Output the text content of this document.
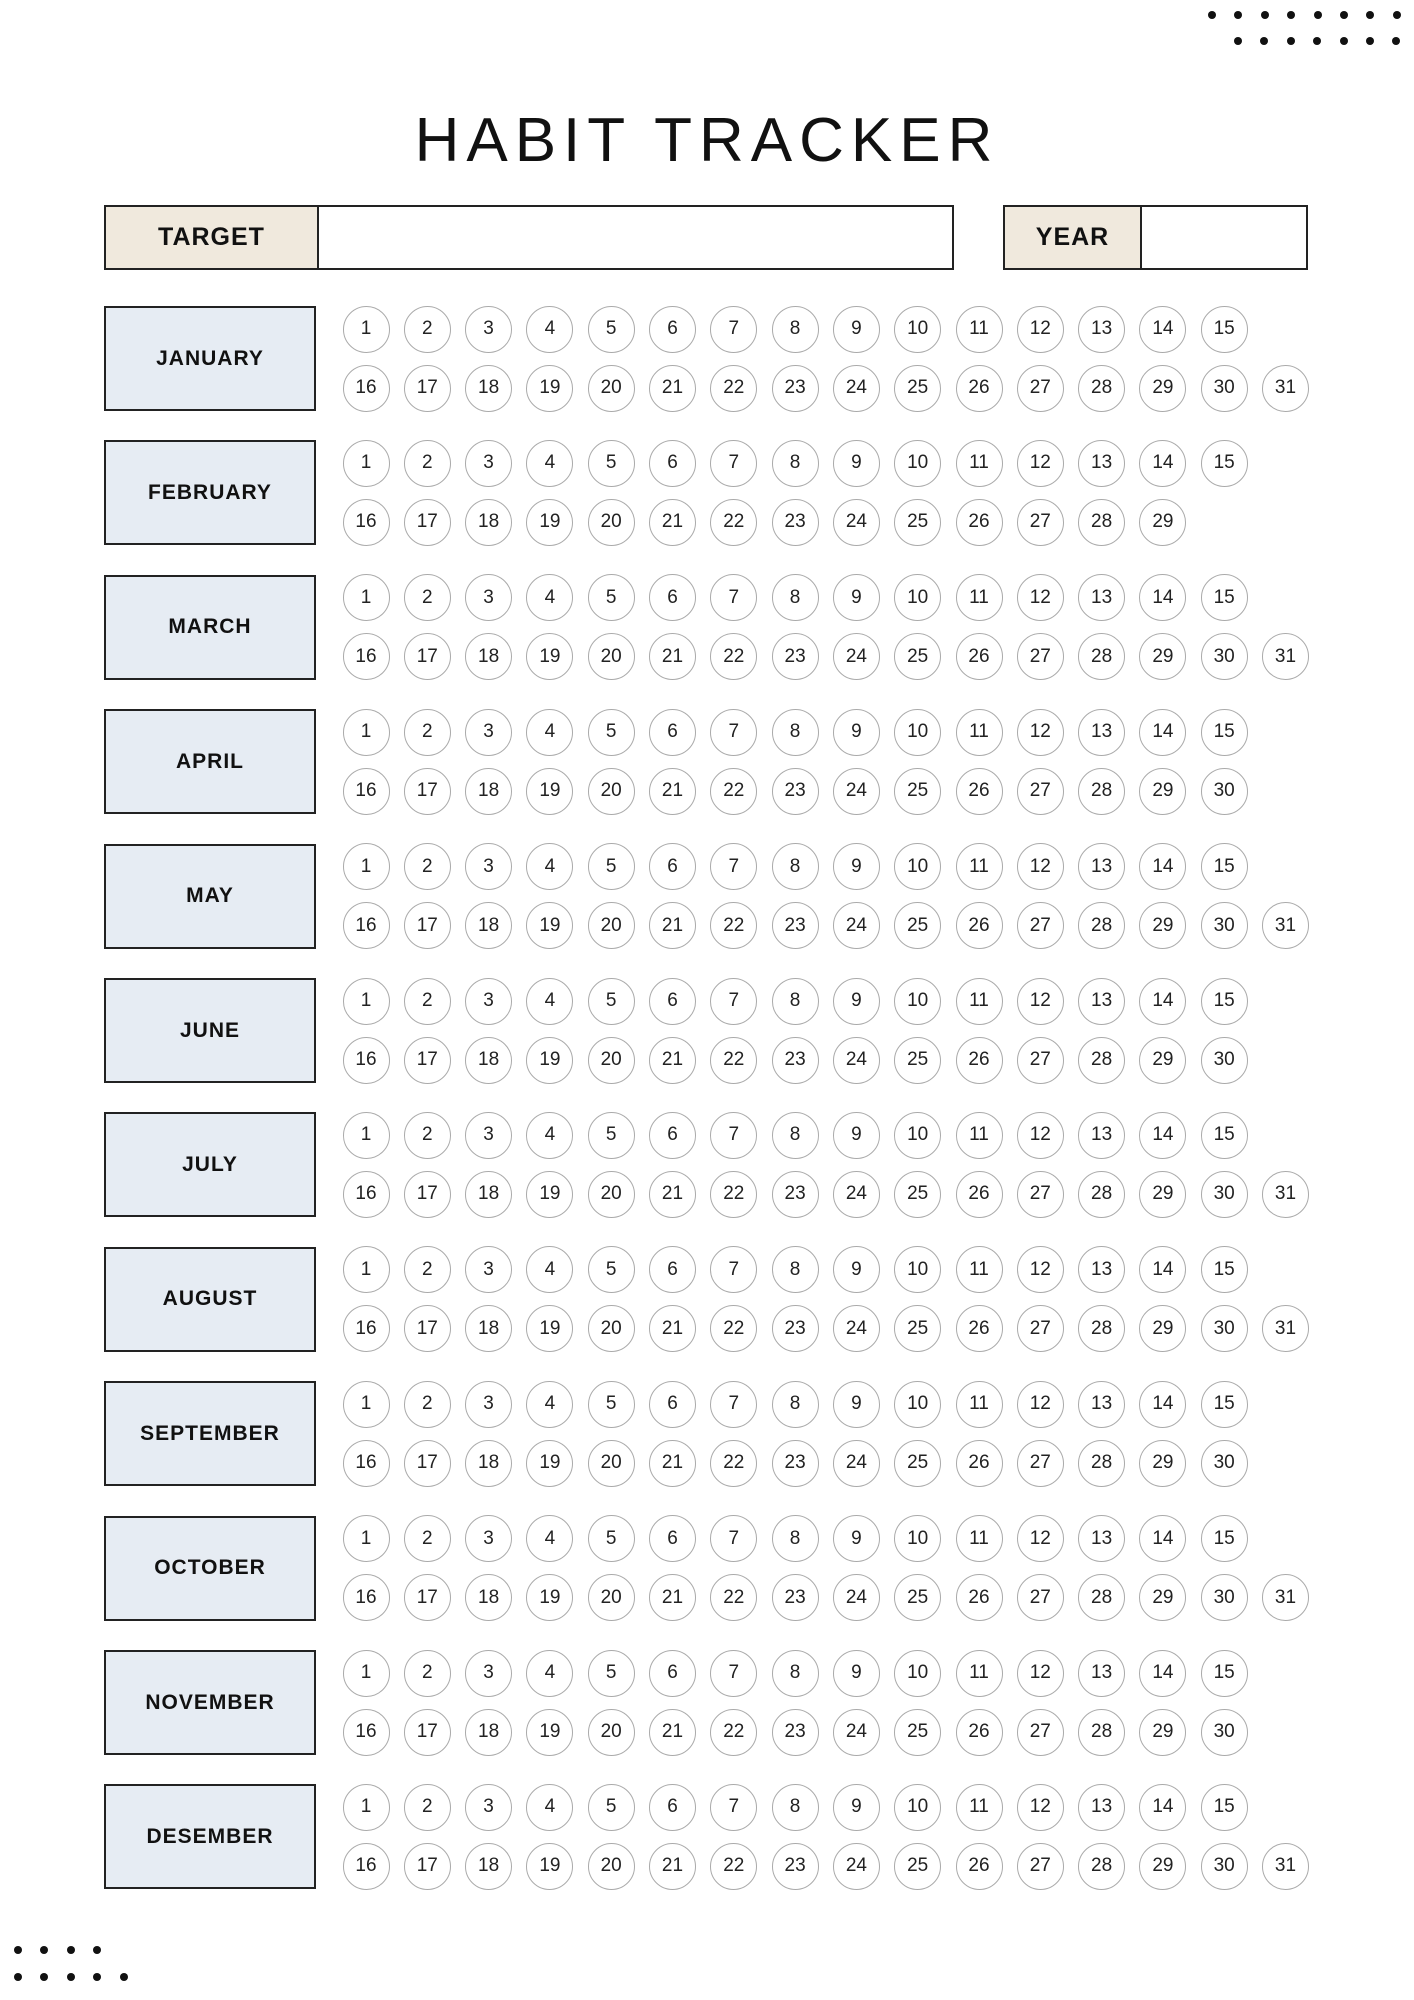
HABIT TRACKER
TARGET	YEAR
JANUARY
1	2	3	4	5	6	7	8	9	10	11	12	13	14	15
16	17	18	19	20	21	22	23	24	25	26	27	28	29	30	31
FEBRUARY
1	2	3	4	5	6	7	8	9	10	11	12	13	14	15
16	17	18	19	20	21	22	23	24	25	26	27	28	29
MARCH
1	2	3	4	5	6	7	8	9	10	11	12	13	14	15
16	17	18	19	20	21	22	23	24	25	26	27	28	29	30	31
APRIL
1	2	3	4	5	6	7	8	9	10	11	12	13	14	15
16	17	18	19	20	21	22	23	24	25	26	27	28	29	30
MAY
1	2	3	4	5	6	7	8	9	10	11	12	13	14	15
16	17	18	19	20	21	22	23	24	25	26	27	28	29	30	31
JUNE
1	2	3	4	5	6	7	8	9	10	11	12	13	14	15
16	17	18	19	20	21	22	23	24	25	26	27	28	29	30
JULY
1	2	3	4	5	6	7	8	9	10	11	12	13	14	15
16	17	18	19	20	21	22	23	24	25	26	27	28	29	30	31
AUGUST
1	2	3	4	5	6	7	8	9	10	11	12	13	14	15
16	17	18	19	20	21	22	23	24	25	26	27	28	29	30	31
SEPTEMBER
1	2	3	4	5	6	7	8	9	10	11	12	13	14	15
16	17	18	19	20	21	22	23	24	25	26	27	28	29	30
OCTOBER
1	2	3	4	5	6	7	8	9	10	11	12	13	14	15
16	17	18	19	20	21	22	23	24	25	26	27	28	29	30	31
NOVEMBER
1	2	3	4	5	6	7	8	9	10	11	12	13	14	15
16	17	18	19	20	21	22	23	24	25	26	27	28	29	30
DESEMBER
1	2	3	4	5	6	7	8	9	10	11	12	13	14	15
16	17	18	19	20	21	22	23	24	25	26	27	28	29	30	31
